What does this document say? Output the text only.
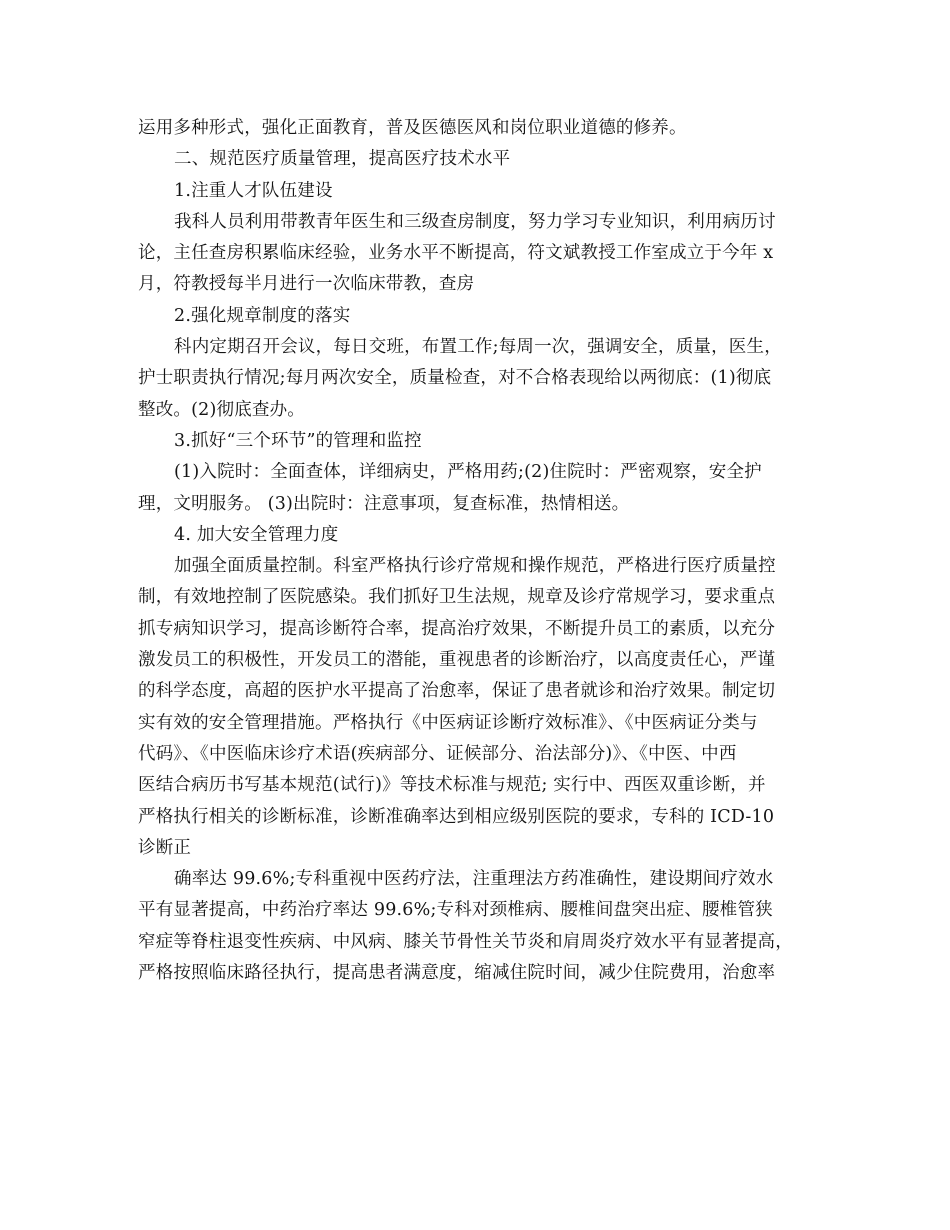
运用多种形式，强化正面教育，普及医德医风和岗位职业道德的修养。
二、规范医疗质量管理，提高医疗技术水平
1.注重人才队伍建设
我科人员利用带教青年医生和三级查房制度，努力学习专业知识，利用病历讨
论，主任查房积累临床经验，业务水平不断提高，符文斌教授工作室成立于今年 x
月，符教授每半月进行一次临床带教，查房
2.强化规章制度的落实
科内定期召开会议，每日交班，布置工作;每周一次，强调安全，质量，医生，
护士职责执行情况;每月两次安全，质量检查，对不合格表现给以两彻底：(1)彻底
整改。(2)彻底查办。
3.抓好“三个环节”的管理和监控
(1)入院时：全面查体，详细病史，严格用药;(2)住院时：严密观察，安全护
理，文明服务。 (3)出院时：注意事项，复查标准，热情相送。
4. 加大安全管理力度
加强全面质量控制。科室严格执行诊疗常规和操作规范，严格进行医疗质量控
制，有效地控制了医院感染。我们抓好卫生法规，规章及诊疗常规学习，要求重点
抓专病知识学习，提高诊断符合率，提高治疗效果，不断提升员工的素质，以充分
激发员工的积极性，开发员工的潜能，重视患者的诊断治疗，以高度责任心，严谨
的科学态度，高超的医护水平提高了治愈率，保证了患者就诊和治疗效果。制定切
实有效的安全管理措施。严格执行《中医病证诊断疗效标准》、《中医病证分类与
代码》、《中医临床诊疗术语(疾病部分、证候部分、治法部分)》、《中医、中西
医结合病历书写基本规范(试行)》等技术标准与规范; 实行中、西医双重诊断，并
严格执行相关的诊断标准，诊断准确率达到相应级别医院的要求，专科的 ICD-10
诊断正
确率达 99.6%;专科重视中医药疗法，注重理法方药准确性，建设期间疗效水
平有显著提高，中药治疗率达 99.6%;专科对颈椎病、腰椎间盘突出症、腰椎管狭
窄症等脊柱退变性疾病、中风病、膝关节骨性关节炎和肩周炎疗效水平有显著提高，
严格按照临床路径执行，提高患者满意度，缩减住院时间，减少住院费用，治愈率
